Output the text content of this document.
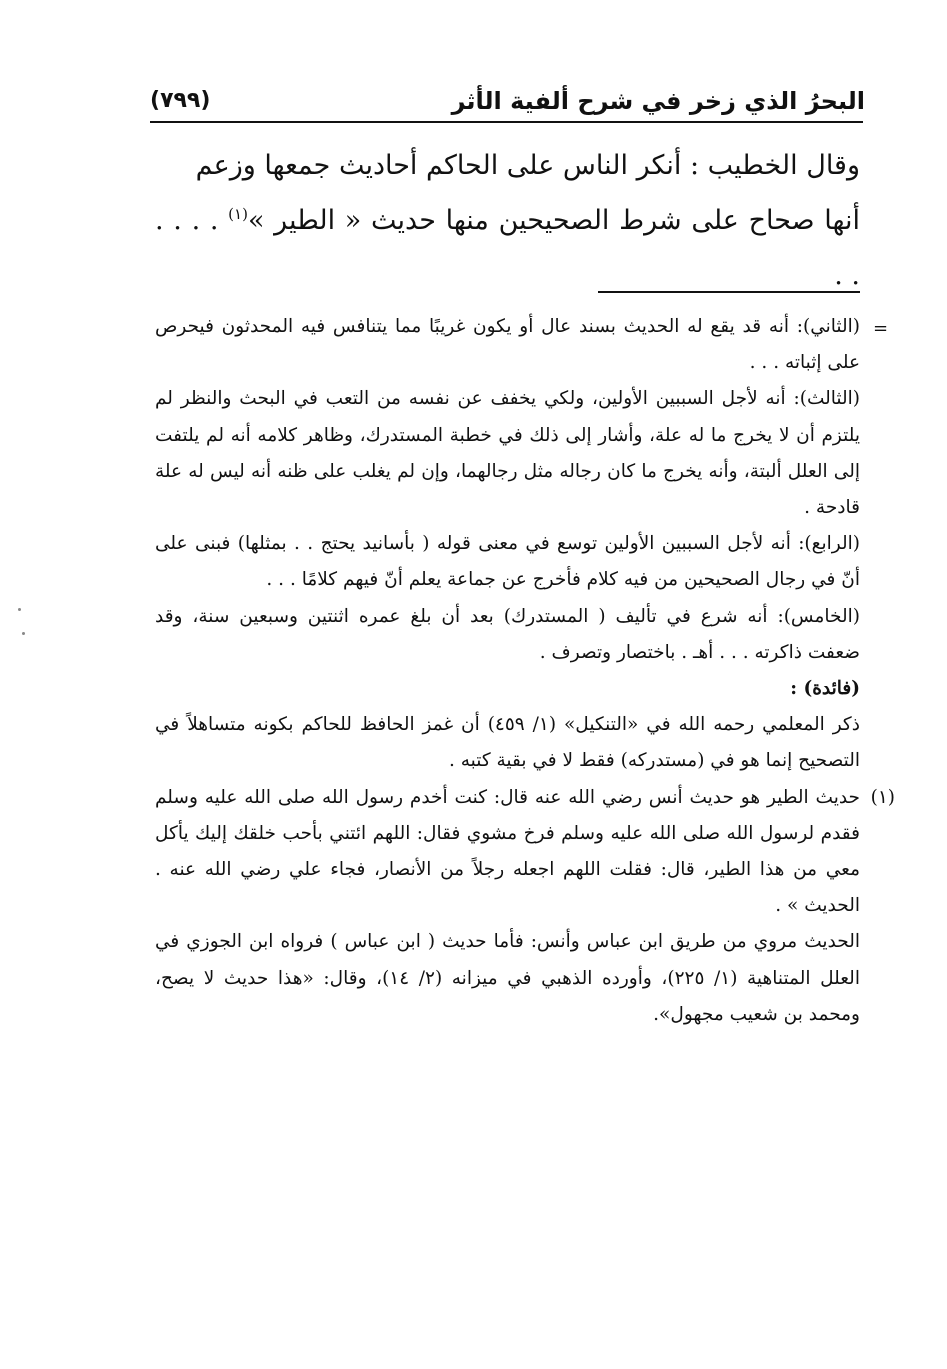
البحرُ الذي زخر في شرح ألفية الأثر
(٧٩٩)

وقال الخطيب : أنكر الناس على الحاكم أحاديث جمعها وزعم

أنها صحاح على شرط الصحيحين منها حديث « الطير »$^{(١)}$ . . . . . .

=

(الثاني): أنه قد يقع له الحديث بسند عال أو يكون غريبًا مما يتنافس فيه المحدثون فيحرص على إثباته . . .

(الثالث): أنه لأجل السببين الأولين، ولكي يخفف عن نفسه من التعب في البحث والنظر لم يلتزم أن لا يخرج ما له علة، وأشار إلى ذلك في خطبة المستدرك، وظاهر كلامه أنه لم يلتفت إلى العلل ألبتة، وأنه يخرج ما كان رجاله مثل رجالهما، وإن لم يغلب على ظنه أنه ليس له علة قادحة .

(الرابع): أنه لأجل السببين الأولين توسع في معنى قوله ( بأسانيد يحتج . . بمثلها) فبنى على أنّ في رجال الصحيحين من فيه كلام فأخرج عن جماعة يعلم أنّ فيهم كلامًا . . .

(الخامس): أنه شرع في تأليف ( المستدرك) بعد أن بلغ عمره اثنتين وسبعين سنة، وقد ضعفت ذاكرته . . . أهـ . باختصار وتصرف .

(فائدة) :

ذكر المعلمي رحمه الله في «التنكيل» (١/ ٤٥٩) أن غمز الحافظ للحاكم بكونه متساهلاً في التصحيح إنما هو في (مستدركه) فقط لا في بقية كتبه .

(١)
حديث الطير هو حديث أنس رضي الله عنه قال: كنت أخدم رسول الله صلى الله عليه وسلم فقدم لرسول الله صلى الله عليه وسلم فرخ مشوي فقال: اللهم ائتني بأحب خلقك إليك يأكل معي من هذا الطير، قال: فقلت اللهم اجعله رجلاً من الأنصار، فجاء علي رضي الله عنه . الحديث » .

الحديث مروي من طريق ابن عباس وأنس: فأما حديث ( ابن عباس ) فرواه ابن الجوزي في العلل المتناهية (١/ ٢٢٥)، وأورده الذهبي في ميزانه (٢/ ١٤)، وقال: «هذا حديث لا يصح، ومحمد بن شعيب مجهول».
